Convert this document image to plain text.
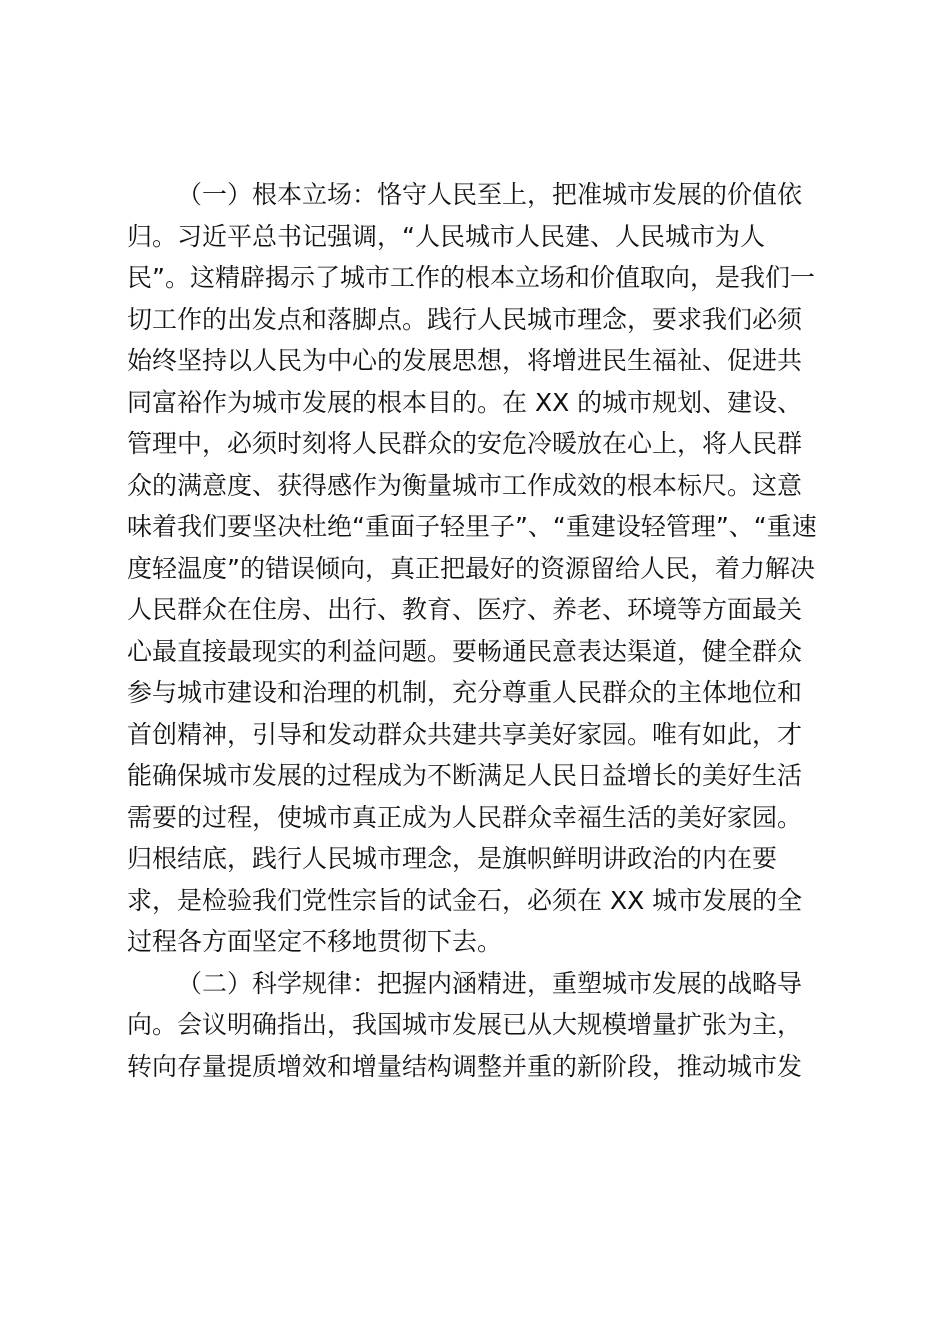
（一）根本立场：恪守人民至上，把准城市发展的价值依
归。习近平总书记强调，“人民城市人民建、人民城市为人
民”。这精辟揭示了城市工作的根本立场和价值取向，是我们一
切工作的出发点和落脚点。践行人民城市理念，要求我们必须
始终坚持以人民为中心的发展思想，将增进民生福祉、促进共
同富裕作为城市发展的根本目的。在 XX 的城市规划、建设、
管理中，必须时刻将人民群众的安危冷暖放在心上，将人民群
众的满意度、获得感作为衡量城市工作成效的根本标尺。这意
味着我们要坚决杜绝“重面子轻里子”、“重建设轻管理”、“重速
度轻温度”的错误倾向，真正把最好的资源留给人民，着力解决
人民群众在住房、出行、教育、医疗、养老、环境等方面最关
心最直接最现实的利益问题。要畅通民意表达渠道，健全群众
参与城市建设和治理的机制，充分尊重人民群众的主体地位和
首创精神，引导和发动群众共建共享美好家园。唯有如此，才
能确保城市发展的过程成为不断满足人民日益增长的美好生活
需要的过程，使城市真正成为人民群众幸福生活的美好家园。
归根结底，践行人民城市理念，是旗帜鲜明讲政治的内在要
求，是检验我们党性宗旨的试金石，必须在 XX 城市发展的全
过程各方面坚定不移地贯彻下去。
（二）科学规律：把握内涵精进，重塑城市发展的战略导
向。会议明确指出，我国城市发展已从大规模增量扩张为主，
转向存量提质增效和增量结构调整并重的新阶段，推动城市发
